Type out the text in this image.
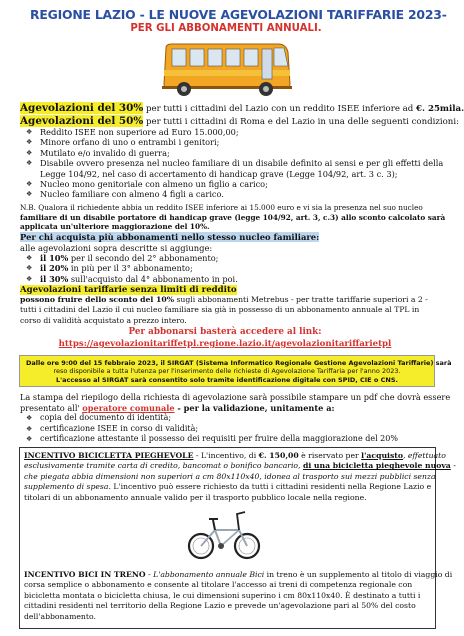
REGIONE LAZIO - LE NUOVE AGEVOLAZIONI TARIFFARIE 2023-
PER GLI ABBONAMENTI ANNUALI.
Agevolazioni del 30% per tutti i cittadini del Lazio con un reddito ISEE inferiore ad €. 25mila.
Agevolazioni del 50% per tutti i cittadini di Roma e del Lazio in una delle seguenti condizioni:
❖ Reddito ISEE non superiore ad Euro 15.000,00;
❖ Minore orfano di uno o entrambi i genitori;
❖ Mutilato e/o invalido di guerra;
❖ Disabile ovvero presenza nel nucleo familiare di un disabile definito ai sensi e per gli effetti della
Legge 104/92, nel caso di accertamento di handicap grave (Legge 104/92, art. 3 c. 3);
❖ Nucleo mono genitoriale con almeno un figlio a carico;
❖ Nucleo familiare con almeno 4 figli a carico.
N.B. Qualora il richiedente abbia un reddito ISEE inferiore ai 15.000 euro e vi sia la presenza nel suo nucleo
familiare di un disabile portatore di handicap grave (legge 104/92, art. 3, c.3) allo sconto calcolato sarà
applicata un'ulteriore maggiorazione del 10%.
Per chi acquista più abbonamenti nello stesso nucleo familiare:
alle agevolazioni sopra descritte si aggiunge:
❖ il 10% per il secondo del 2° abbonamento;
❖ il 20% in più per il 3° abbonamento;
❖ il 30% sull'acquisto dal 4° abbonamento in poi.
Agevolazioni tariffarie senza limiti di reddito
possono fruire dello sconto del 10% sugli abbonamenti Metrebus - per tratte tariffarie superiori a 2 -
tutti i cittadini del Lazio il cui nucleo familiare sia già in possesso di un abbonamento annuale al TPL in
corso di validità acquistato a prezzo intero.
Per abbonarsi basterà accedere al link:
https://agevolazionitariffetpl.regione.lazio.it/agevolazionitariffarietpl
Dalle ore 9:00 del 15 febbraio 2023, il SIRGAT (Sistema Informatico Regionale Gestione Agevolazioni Tariffarie) sarà
reso disponibile a tutta l'utenza per l'inserimento delle richieste di Agevolazione Tariffaria per l'anno 2023.
L'accesso al SIRGAT sarà consentito solo tramite identificazione digitale con SPID, CIE o CNS.
La stampa del riepilogo della richiesta di agevolazione sarà possibile stampare un pdf che dovrà essere
presentato all' operatore comunale - per la validazione, unitamente a:
❖ copia del documento di identità;
❖ certificazione ISEE in corso di validità;
❖ certificazione attestante il possesso dei requisiti per fruire della maggiorazione del 20%
INCENTIVO BICICLETTA PIEGHEVOLE - L'incentivo, di €. 150,00 è riservato per l'acquisto, effettuato
esclusivamente tramite carta di credito, bancomat o bonifico bancario, di una bicicletta pieghevole nuova -
che piegata abbia dimensioni non superiori a cm 80x110x40, idonea al trasporto sui mezzi pubblici senza
supplemento di spesa. L'incentivo può essere richiesto da tutti i cittadini residenti nella Regione Lazio e
titolari di un abbonamento annuale valido per il trasporto pubblico locale nella regione.
INCENTIVO BICI IN TRENO - L'abbonamento annuale Bici in treno è un supplemento al titolo di viaggio di
corsa semplice o abbonamento e consente al titolare l'accesso ai treni di competenza regionale con
bicicletta montata o bicicletta chiusa, le cui dimensioni superino i cm 80x110x40. È destinato a tutti i
cittadini residenti nel territorio della Regione Lazio e prevede un'agevolazione pari al 50% del costo
dell'abbonamento.
